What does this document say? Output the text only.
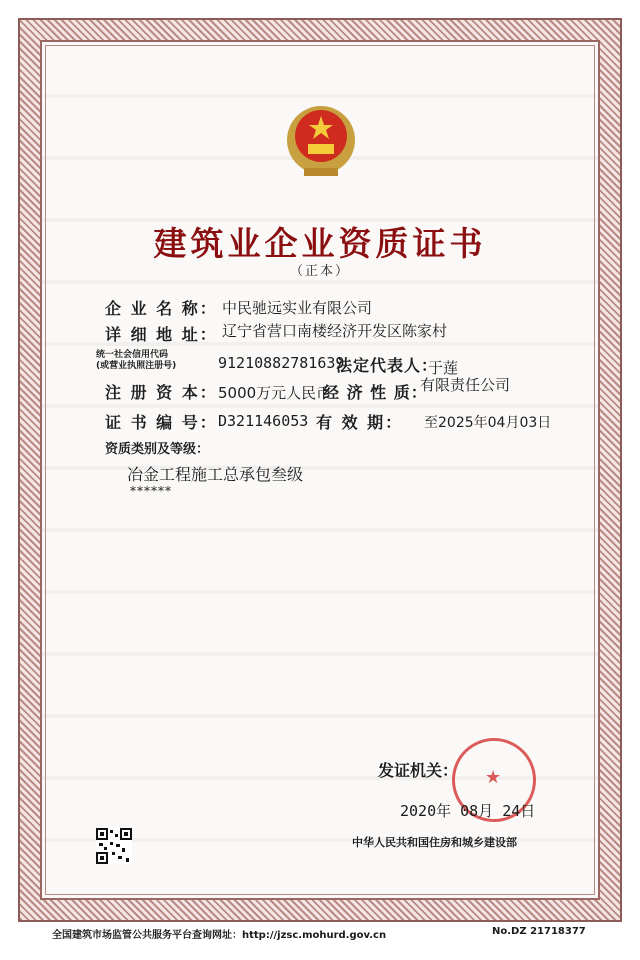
建筑业企业资质证书
（正本）
企 业 名 称： 中民驰远实业有限公司
详 细 地 址： 辽宁省营口南楼经济开发区陈家村
统一社会信用代码
(或营业执照注册号)	91210882781639
法定代表人：
于莲
注 册 资 本： 5000万元人民币
经 济 性 质：
有限责任公司
证 书 编 号： D321146053 有 效 期： 至2025年04月03日
资质类别及等级：
冶金工程施工总承包叁级
******
发证机关： ★
2020年 08月 24日
中华人民共和国住房和城乡建设部
全国建筑市场监管公共服务平台查询网址：http://jzsc.mohurd.gov.cn	No.DZ 21718377
